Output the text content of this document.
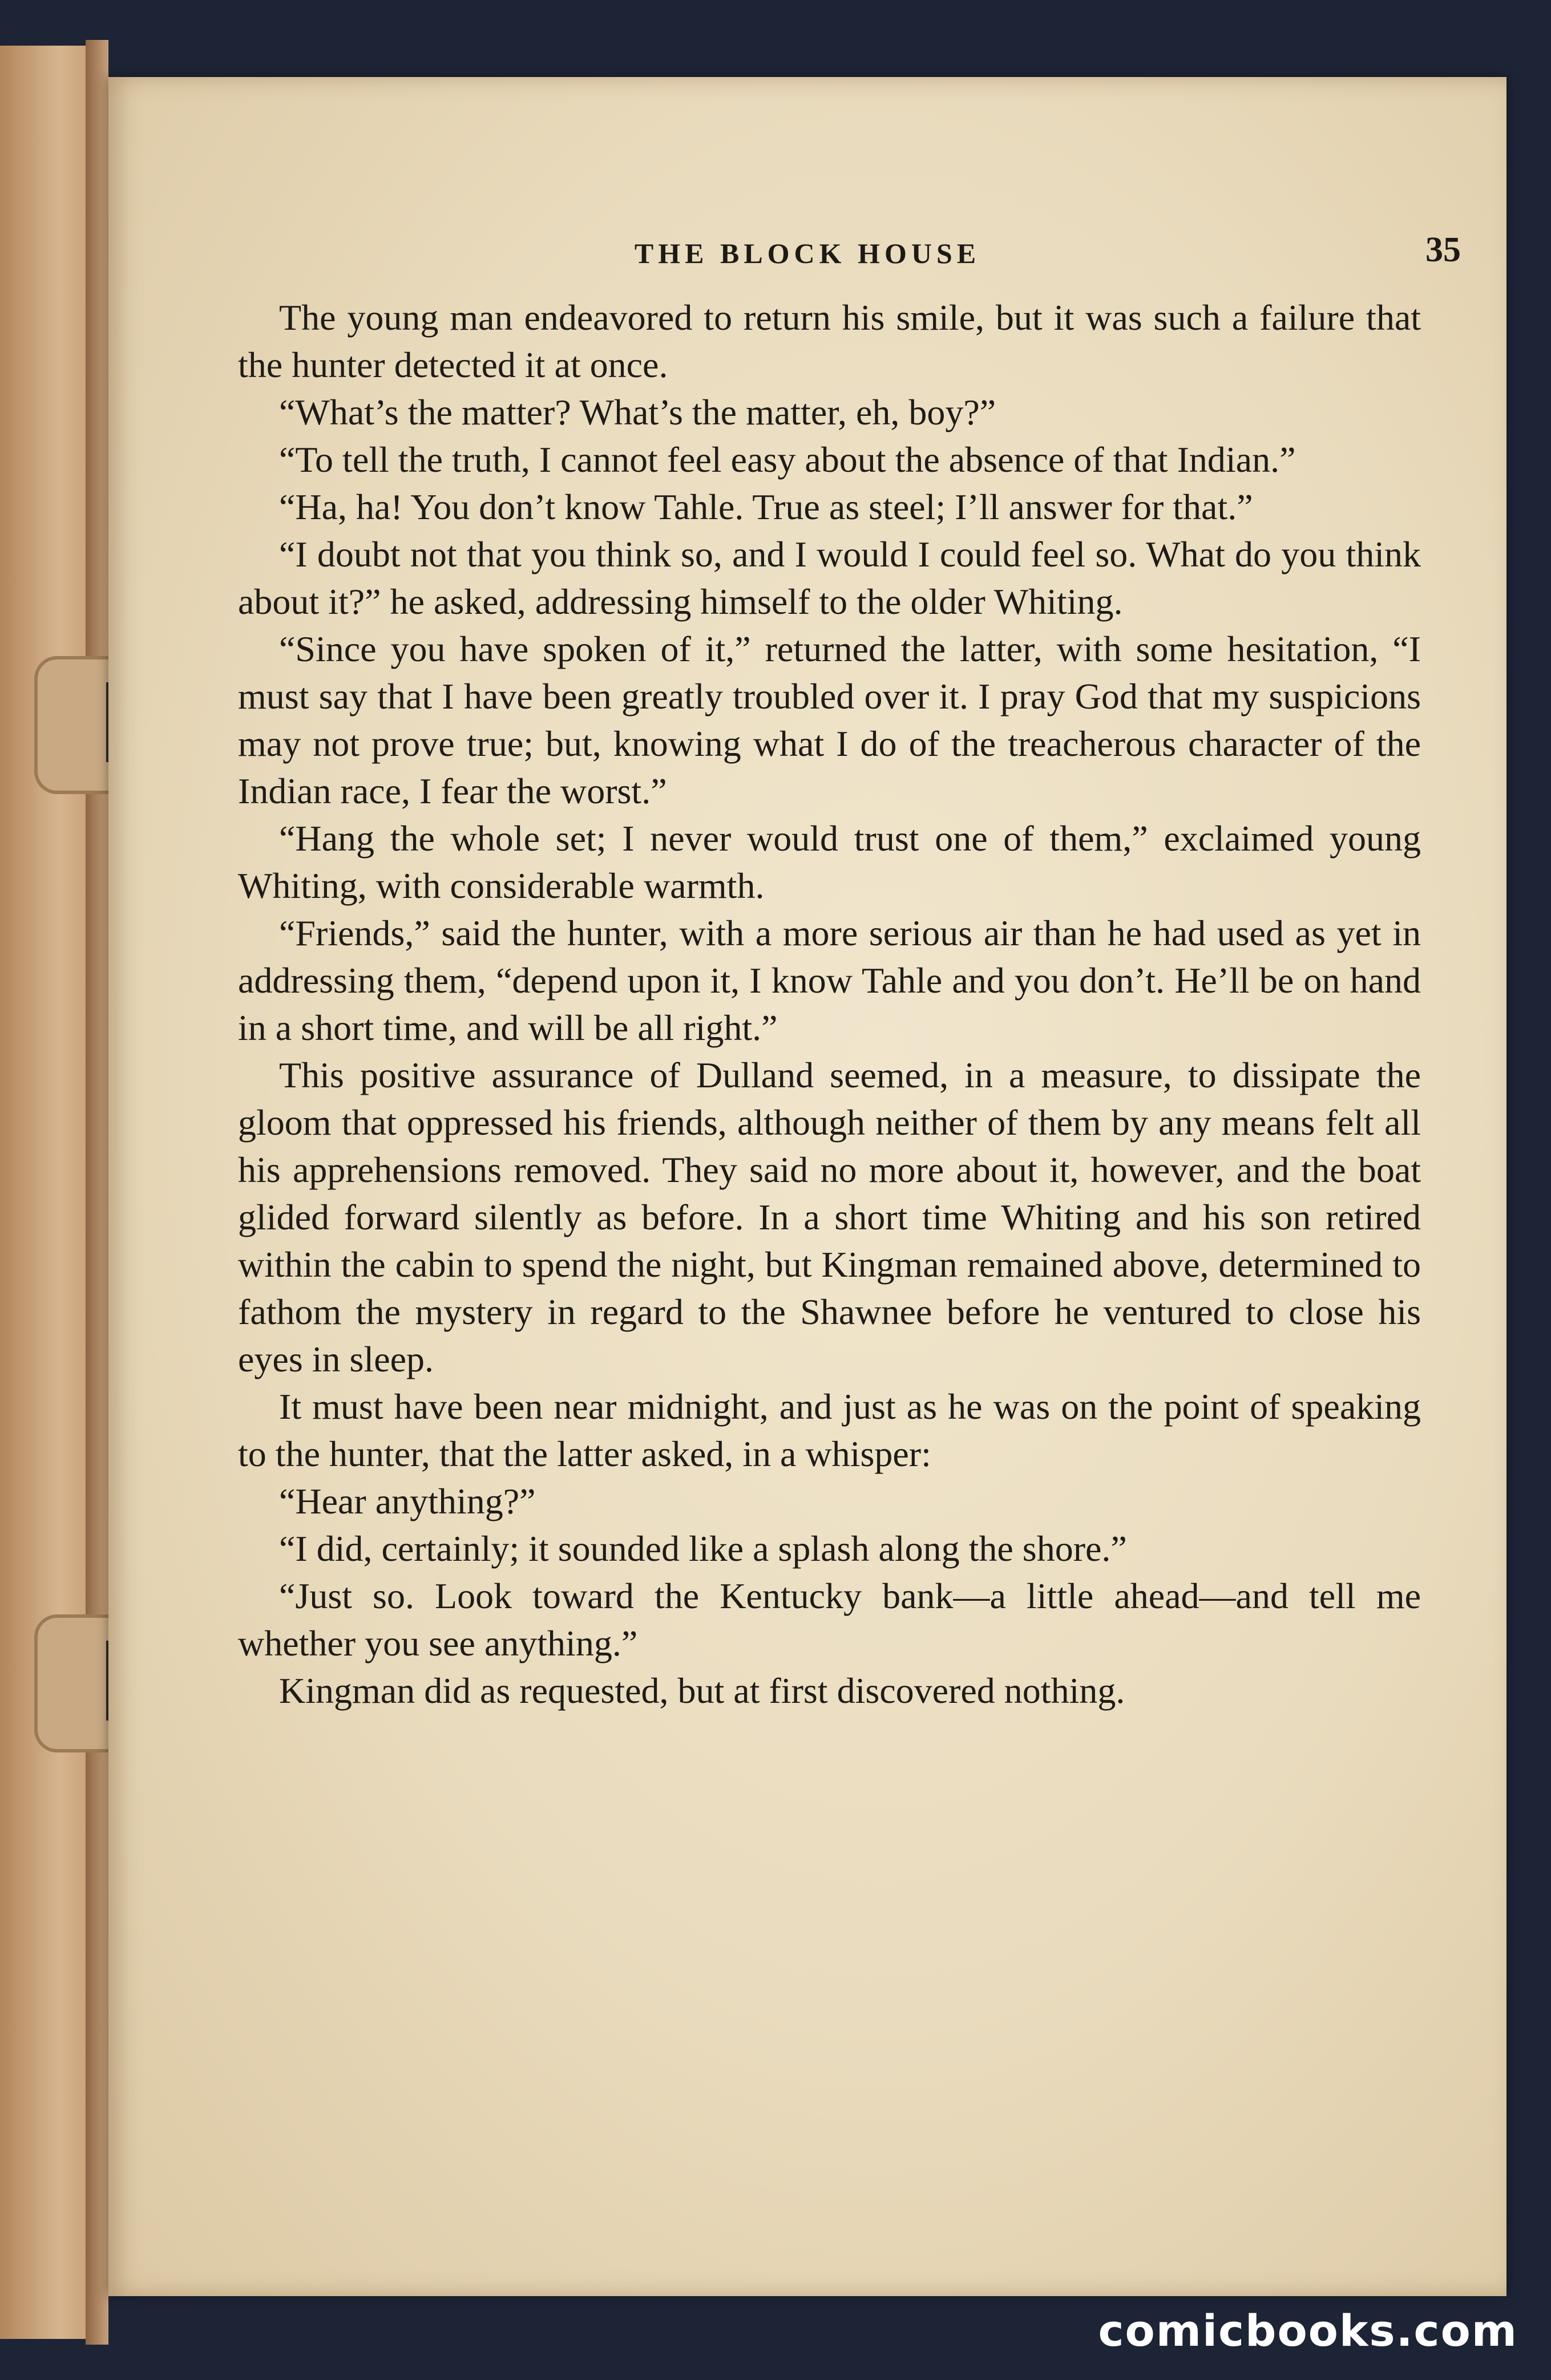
THE BLOCK HOUSE	35

The young man endeavored to return his smile, but it was such a failure that the hunter detected it at once.

“What’s the matter? What’s the matter, eh, boy?”

“To tell the truth, I cannot feel easy about the absence of that Indian.”

“Ha, ha! You don’t know Tahle. True as steel; I’ll answer for that.”

“I doubt not that you think so, and I would I could feel so. What do you think about it?” he asked, addressing himself to the older Whiting.

“Since you have spoken of it,” returned the latter, with some hesitation, “I must say that I have been greatly troubled over it. I pray God that my suspicions may not prove true; but, knowing what I do of the treacherous character of the Indian race, I fear the worst.”

“Hang the whole set; I never would trust one of them,” exclaimed young Whiting, with considerable warmth.

“Friends,” said the hunter, with a more serious air than he had used as yet in addressing them, “depend upon it, I know Tahle and you don’t. He’ll be on hand in a short time, and will be all right.”

This positive assurance of Dulland seemed, in a measure, to dissipate the gloom that oppressed his friends, although neither of them by any means felt all his apprehensions removed. They said no more about it, however, and the boat glided forward silently as before. In a short time Whiting and his son retired within the cabin to spend the night, but Kingman remained above, determined to fathom the mystery in regard to the Shawnee before he ventured to close his eyes in sleep.

It must have been near midnight, and just as he was on the point of speaking to the hunter, that the latter asked, in a whisper:

“Hear anything?”

“I did, certainly; it sounded like a splash along the shore.”

“Just so. Look toward the Kentucky bank—a little ahead—and tell me whether you see anything.”

Kingman did as requested, but at first discovered nothing.

comicbooks.com
